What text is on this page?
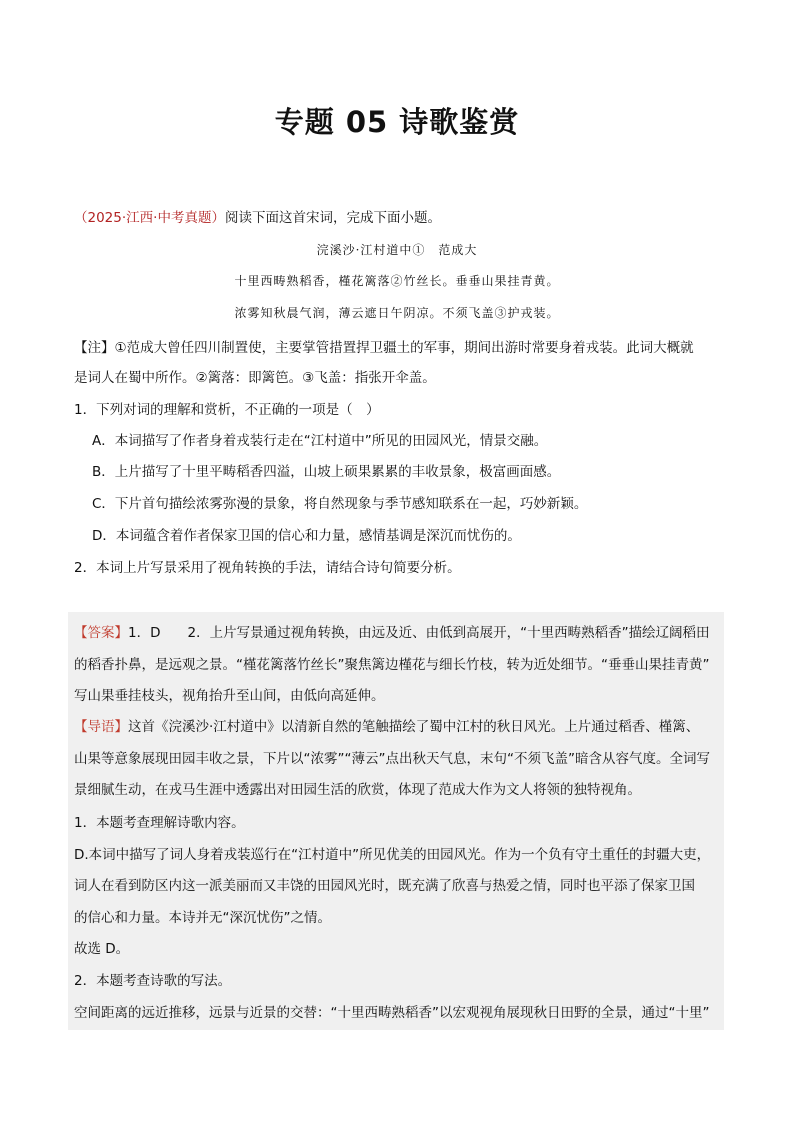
专题 05 诗歌鉴赏
（2025·江西·中考真题）阅读下面这首宋词，完成下面小题。
浣溪沙·江村道中①　范成大
十里西畴熟稻香，槿花篱落②竹丝长。垂垂山果挂青黄。
浓雾知秋晨气润，薄云遮日午阴凉。不须飞盖③护戎装。
【注】①范成大曾任四川制置使，主要掌管措置捍卫疆土的军事，期间出游时常要身着戎装。此词大概就
是词人在蜀中所作。②篱落：即篱笆。③飞盖：指张开伞盖。
1．下列对词的理解和赏析，不正确的一项是（　）
A．本词描写了作者身着戎装行走在“江村道中”所见的田园风光，情景交融。
B．上片描写了十里平畴稻香四溢，山坡上硕果累累的丰收景象，极富画面感。
C．下片首句描绘浓雾弥漫的景象，将自然现象与季节感知联系在一起，巧妙新颖。
D．本词蕴含着作者保家卫国的信心和力量，感情基调是深沉而忧伤的。
2．本词上片写景采用了视角转换的手法，请结合诗句简要分析。
【答案】1．D　　2．上片写景通过视角转换，由远及近、由低到高展开，“十里西畴熟稻香”描绘辽阔稻田
的稻香扑鼻，是远观之景。“槿花篱落竹丝长”聚焦篱边槿花与细长竹枝，转为近处细节。“垂垂山果挂青黄”
写山果垂挂枝头，视角抬升至山间，由低向高延伸。
【导语】这首《浣溪沙·江村道中》以清新自然的笔触描绘了蜀中江村的秋日风光。上片通过稻香、槿篱、
山果等意象展现田园丰收之景，下片以“浓雾”“薄云”点出秋天气息，末句“不须飞盖”暗含从容气度。全词写
景细腻生动，在戎马生涯中透露出对田园生活的欣赏，体现了范成大作为文人将领的独特视角。
1．本题考查理解诗歌内容。
D.本词中描写了词人身着戎装巡行在“江村道中”所见优美的田园风光。作为一个负有守土重任的封疆大吏，
词人在看到防区内这一派美丽而又丰饶的田园风光时，既充满了欣喜与热爱之情，同时也平添了保家卫国
的信心和力量。本诗并无“深沉忧伤”之情。
故选 D。
2．本题考查诗歌的写法。
空间距离的远近推移，远景与近景的交替：“十里西畴熟稻香”以宏观视角展现秋日田野的全景，通过“十里”
